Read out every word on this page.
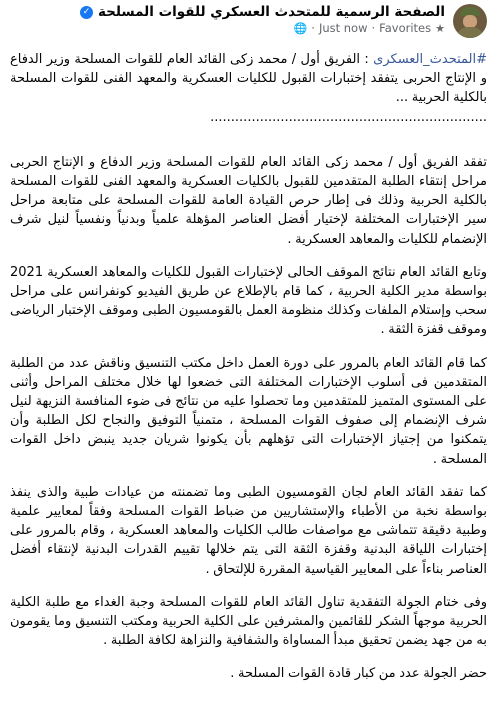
الصفحة الرسمية للمتحدث العسكري للقوات المسلحة
✓
★
Favorites
·
Just now
·
🌐

#المتحدث_العسكرى : الفريق أول / محمد زكى القائد العام للقوات المسلحة وزير الدفاع و الإنتاج الحربى يتفقد إختبارات القبول للكليات العسكرية والمعهد الفنى للقوات المسلحة بالكلية الحربية ...
...................................................................

تفقد الفريق أول / محمد زكى القائد العام للقوات المسلحة وزير الدفاع و الإنتاج الحربى مراحل إنتقاء الطلبة المتقدمين للقبول بالكليات العسكرية والمعهد الفنى للقوات المسلحة بالكلية الحربية وذلك فى إطار حرص القيادة العامة للقوات المسلحة على متابعة مراحل سير الإختبارات المختلفة لإختيار أفضل العناصر المؤهلة علمياً وبدنياً ونفسياً لنيل شرف الإنضمام للكليات والمعاهد العسكرية .

وتابع القائد العام نتائج الموقف الحالى لإختبارات القبول للكليات والمعاهد العسكرية 2021 بواسطة مدير الكلية الحربية ، كما قام بالإطلاع عن طريق الفيديو كونفرانس على مراحل سحب وإستلام الملفات وكذلك منظومة العمل بالقومسيون الطبى وموقف الإختبار الرياضى وموقف قفزة الثقة .

كما قام القائد العام بالمرور على دورة العمل داخل مكتب التنسيق وناقش عدد من الطلبة المتقدمين فى أسلوب الإختبارات المختلفة التى خضعوا لها خلال مختلف المراحل وأثنى على المستوى المتميز للمتقدمين وما تحصلوا عليه من نتائج فى ضوء المنافسة النزيهة لنيل شرف الإنضمام إلى صفوف القوات المسلحة ، متمنياً التوفيق والنجاح لكل الطلبة وأن يتمكنوا من إجتياز الإختبارات التى تؤهلهم بأن يكونوا شريان جديد ينبض داخل القوات المسلحة .

كما تفقد القائد العام لجان القومسيون الطبى وما تضمنته من عيادات طبية والذى ينفذ بواسطة نخبة من الأطباء والإستشاريين من ضباط القوات المسلحة وفقاً لمعايير علمية وطبية دقيقة تتماشى مع مواصفات طالب الكليات والمعاهد العسكرية ، وقام بالمرور على إختبارات اللياقة البدنية وقفزة الثقة التى يتم خلالها تقييم القدرات البدنية لإنتقاء أفضل العناصر بناءاً على المعايير القياسية المقررة للإلتحاق .

وفى ختام الجولة التفقدية تناول القائد العام للقوات المسلحة وجبة الغداء مع طلبة الكلية الحربية موجهاً الشكر للقائمين والمشرفين على الكلية الحربية ومكتب التنسيق وما يقومون به من جهد يضمن تحقيق مبدأ المساواة والشفافية والنزاهة لكافة الطلبة .

حضر الجولة عدد من كبار قادة القوات المسلحة .
